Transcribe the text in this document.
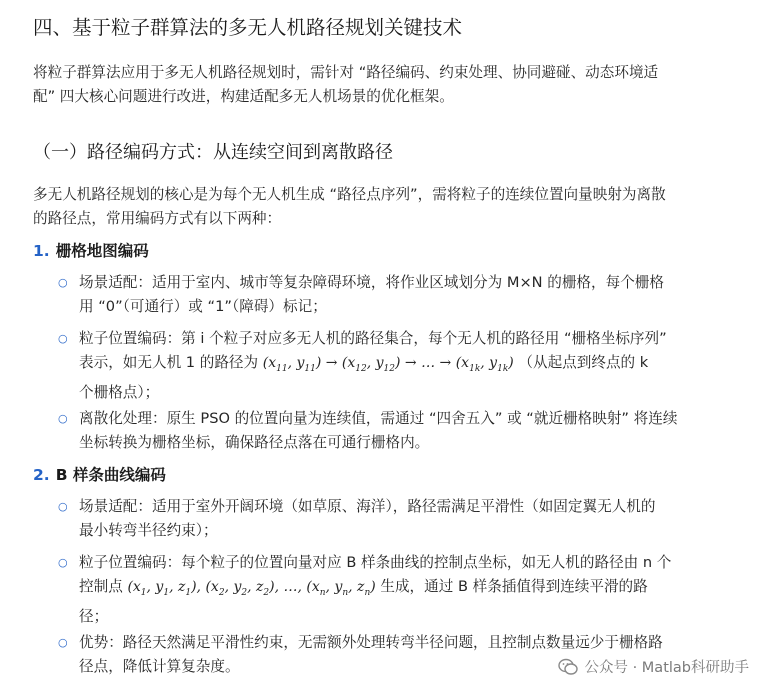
四、基于粒子群算法的多无人机路径规划关键技术
将粒子群算法应用于多无人机路径规划时，需针对 “路径编码、约束处理、协同避碰、动态环境适
配” 四大核心问题进行改进，构建适配多无人机场景的优化框架。
（一）路径编码方式：从连续空间到离散路径
多无人机路径规划的核心是为每个无人机生成 “路径点序列”，需将粒子的连续位置向量映射为离散
的路径点，常用编码方式有以下两种：
1. 栅格地图编码
○ 场景适配：适用于室内、城市等复杂障碍环境，将作业区域划分为 M×N 的栅格，每个栅格
用 “0”（可通行）或 “1”（障碍）标记；
○ 粒子位置编码：第 i 个粒子对应多无人机的路径集合，每个无人机的路径用 “栅格坐标序列”
表示，如无人机 1 的路径为 ($x_{11}$, $y_{11}) \to (x_{12}$, $y_{12}$) → … → ($x_{1k}$, $y_{1k}$) （从起点到终点的 k
个栅格点）；
○ 离散化处理：原生 PSO 的位置向量为连续值，需通过 “四舍五入” 或 “就近栅格映射” 将连续
坐标转换为栅格坐标，确保路径点落在可通行栅格内。
2. B 样条曲线编码
○ 场景适配：适用于室外开阔环境（如草原、海洋），路径需满足平滑性（如固定翼无人机的
最小转弯半径约束）；
○ 粒子位置编码：每个粒子的位置向量对应 B 样条曲线的控制点坐标，如无人机的路径由 n 个
控制点 ($x_1$, $y_1$, $z_1$), ($x_2$, $y_2$, $z_2$), …, ($x_n$, $y_n$, $z_n$) 生成，通过 B 样条插值得到连续平滑的路
径；
○ 优势：路径天然满足平滑性约束，无需额外处理转弯半径问题，且控制点数量远少于栅格路
径点，降低计算复杂度。	公众号 · Matlab科研助手
